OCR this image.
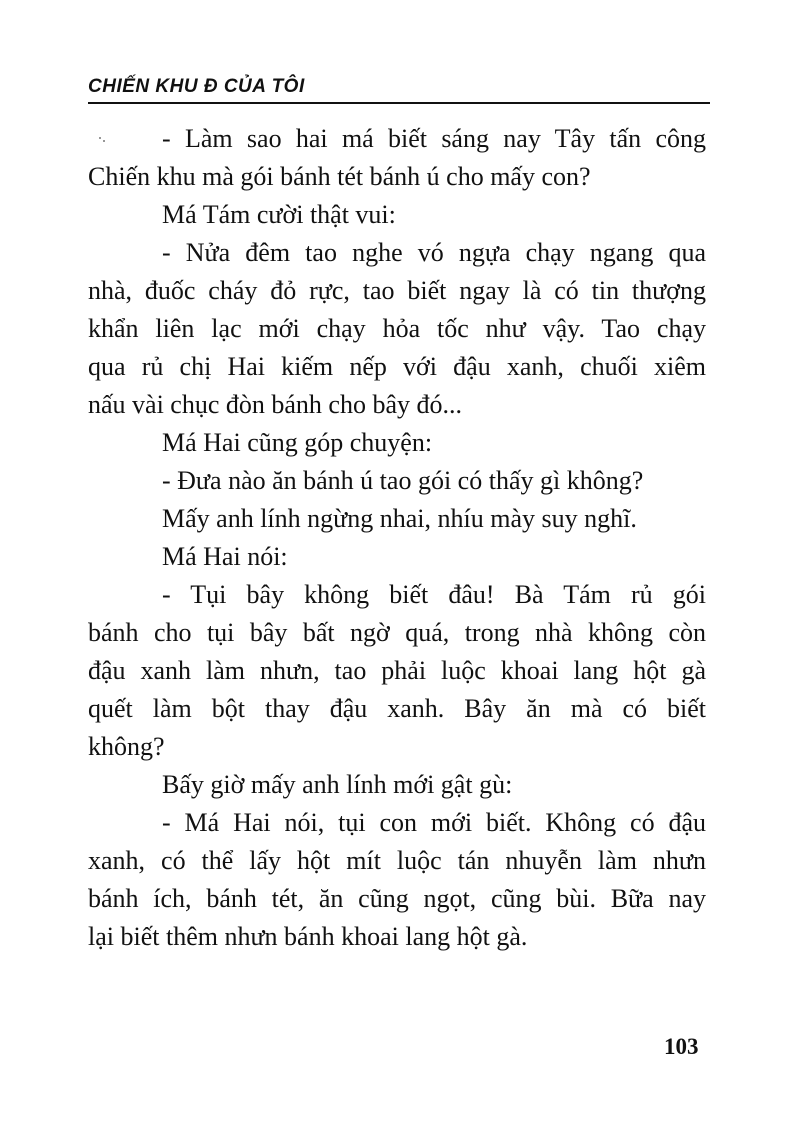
CHIẾN KHU Đ CỦA TÔI
- Làm sao hai má biết sáng nay Tây tấn công
Chiến khu mà gói bánh tét bánh ú cho mấy con?
Má Tám cười thật vui:
- Nửa đêm tao nghe vó ngựa chạy ngang qua
nhà, đuốc cháy đỏ rực, tao biết ngay là có tin thượng
khẩn liên lạc mới chạy hỏa tốc như vậy. Tao chạy
qua rủ chị Hai kiếm nếp với đậu xanh, chuối xiêm
nấu vài chục đòn bánh cho bây đó...
Má Hai cũng góp chuyện:
- Đưa nào ăn bánh ú tao gói có thấy gì không?
Mấy anh lính ngừng nhai, nhíu mày suy nghĩ.
Má Hai nói:
- Tụi bây không biết đâu! Bà Tám rủ gói
bánh cho tụi bây bất ngờ quá, trong nhà không còn
đậu xanh làm nhưn, tao phải luộc khoai lang hột gà
quết làm bột thay đậu xanh. Bây ăn mà có biết
không?
Bấy giờ mấy anh lính mới gật gù:
- Má Hai nói, tụi con mới biết. Không có đậu
xanh, có thể lấy hột mít luộc tán nhuyễn làm nhưn
bánh ích, bánh tét, ăn cũng ngọt, cũng bùi. Bữa nay
lại biết thêm nhưn bánh khoai lang hột gà.
103
